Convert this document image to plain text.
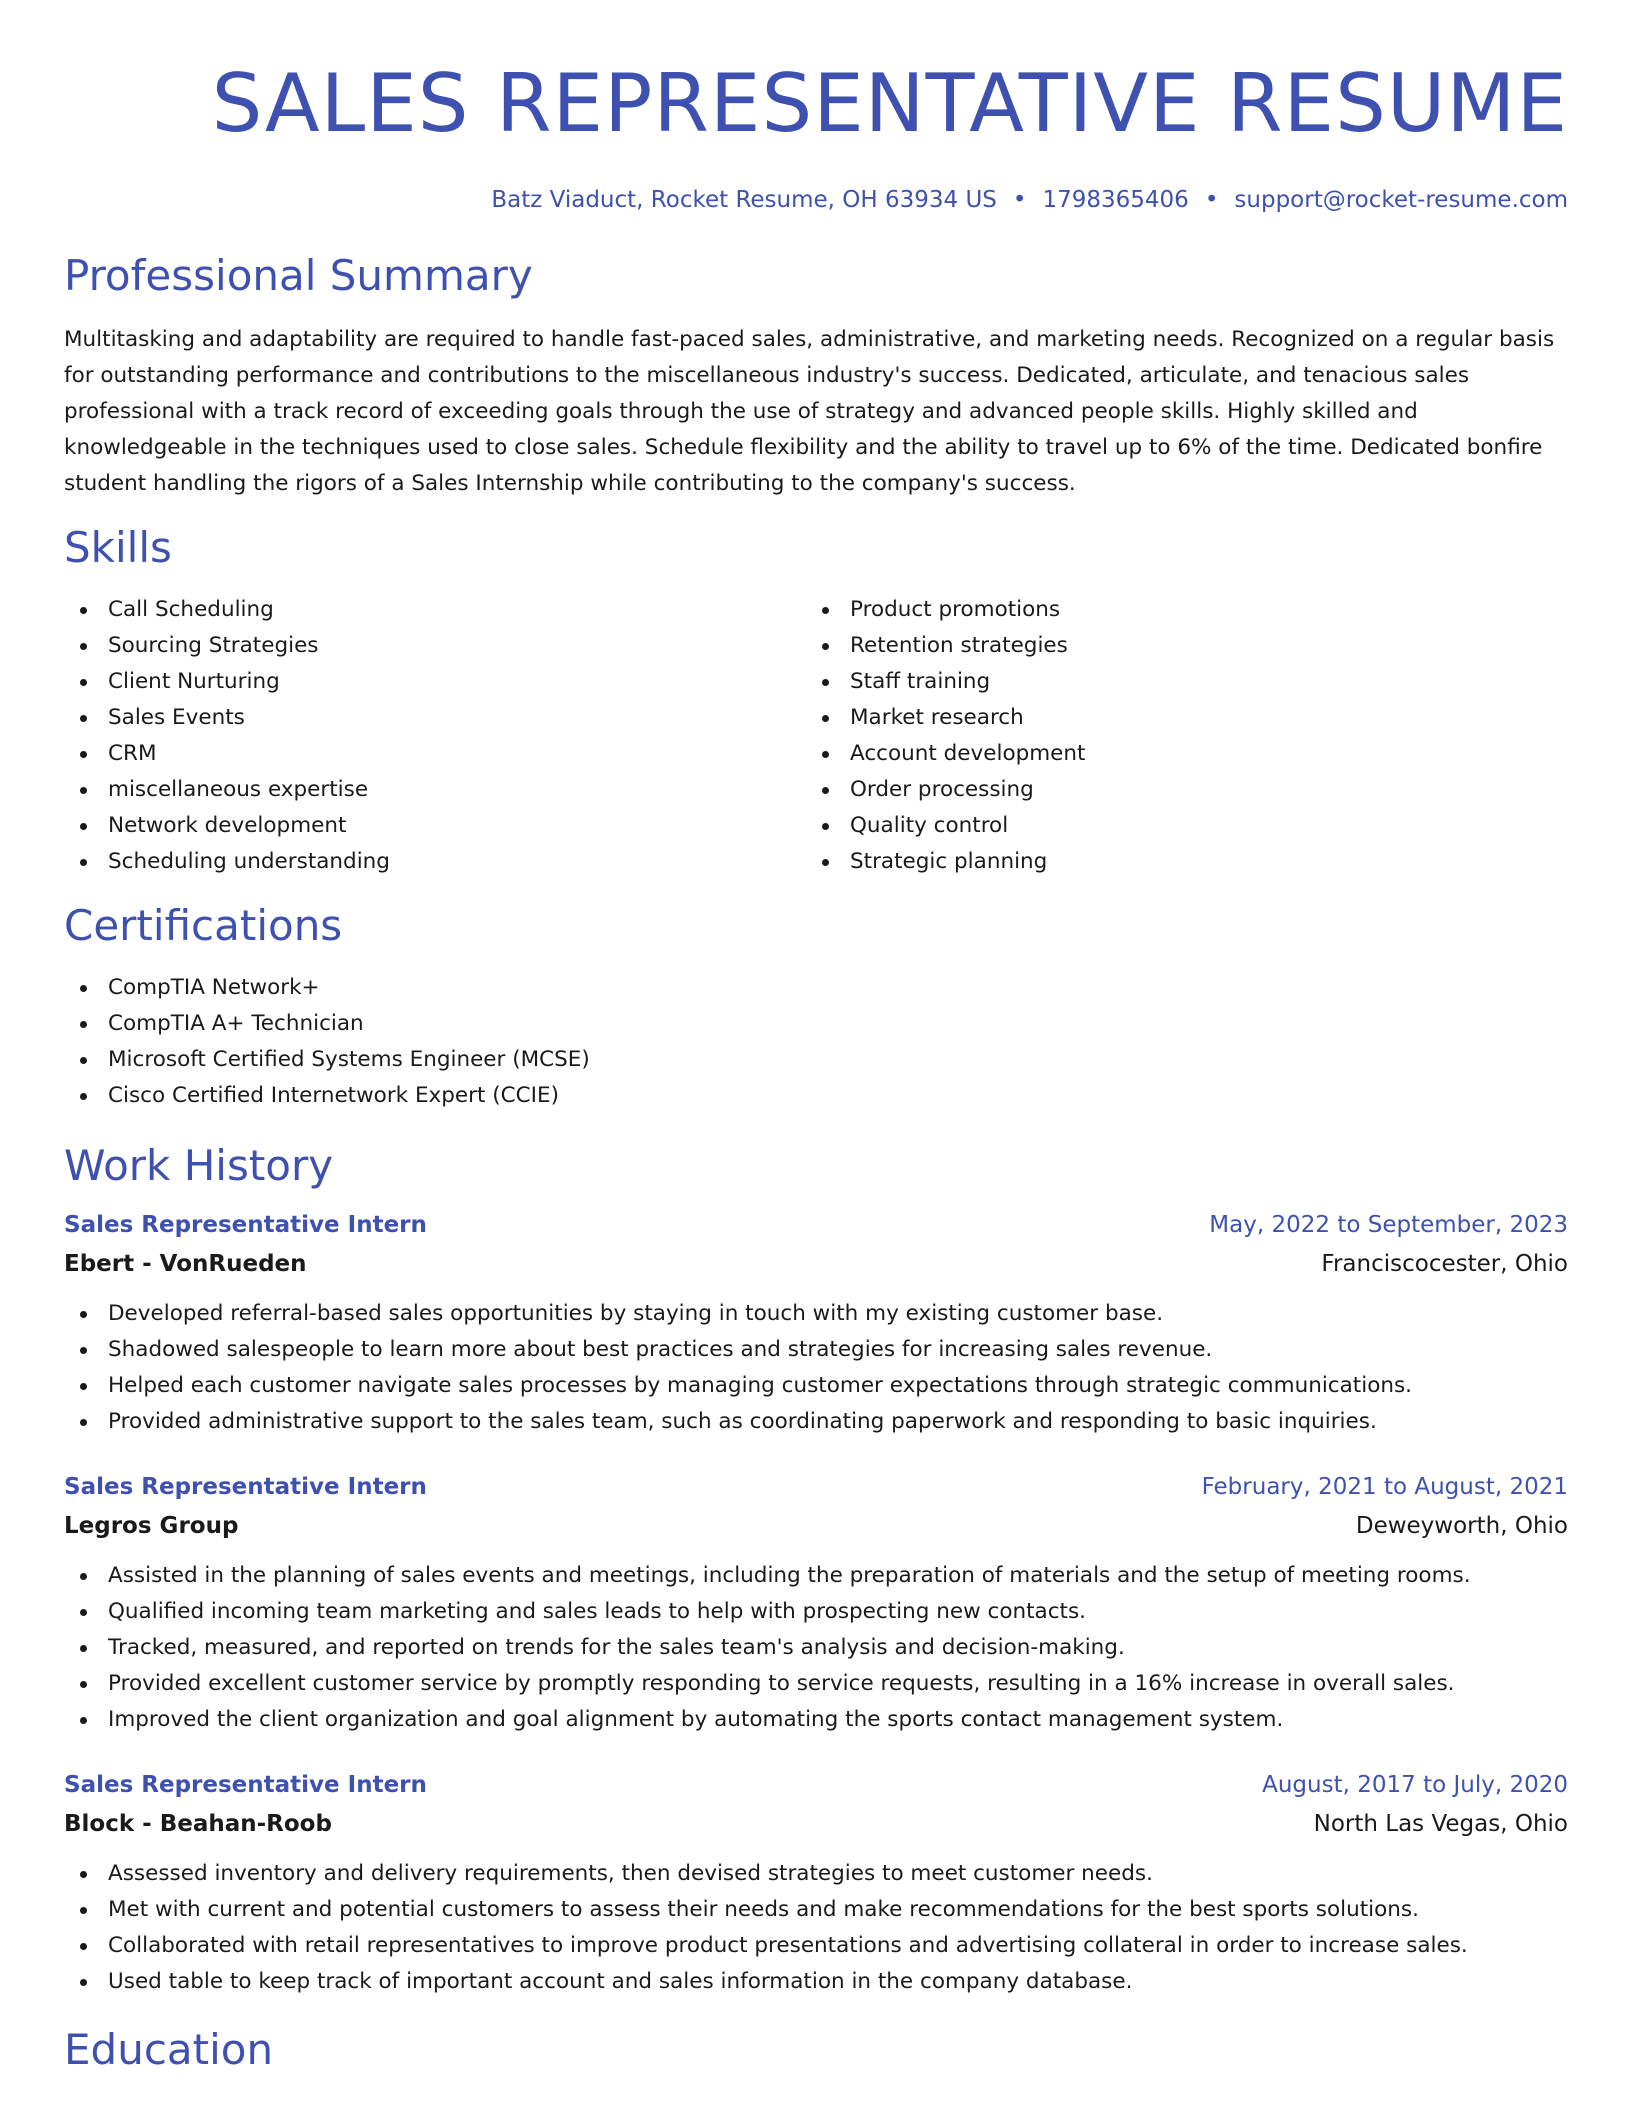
SALES REPRESENTATIVE RESUME
Batz Viaduct, Rocket Resume, OH 63934 US • 1798365406 • support@rocket-resume.com
Professional Summary

Multitasking and adaptability are required to handle fast-paced sales, administrative, and marketing needs. Recognized on a regular basis for outstanding performance and contributions to the miscellaneous industry's success. Dedicated, articulate, and tenacious sales professional with a track record of exceeding goals through the use of strategy and advanced people skills. Highly skilled and knowledgeable in the techniques used to close sales. Schedule flexibility and the ability to travel up to 6% of the time. Dedicated bonfire student handling the rigors of a Sales Internship while contributing to the company's success.

Skills
Call Scheduling
Sourcing Strategies
Client Nurturing
Sales Events
CRM
miscellaneous expertise
Network development
Scheduling understanding
Product promotions
Retention strategies
Staff training
Market research
Account development
Order processing
Quality control
Strategic planning
Certifications
CompTIA Network+
CompTIA A+ Technician
Microsoft Certified Systems Engineer (MCSE)
Cisco Certified Internetwork Expert (CCIE)
Work History
Sales Representative Intern	May, 2022 to September, 2023
Ebert - VonRueden	Franciscocester, Ohio
Developed referral-based sales opportunities by staying in touch with my existing customer base.
Shadowed salespeople to learn more about best practices and strategies for increasing sales revenue.
Helped each customer navigate sales processes by managing customer expectations through strategic communications.
Provided administrative support to the sales team, such as coordinating paperwork and responding to basic inquiries.
Sales Representative Intern	February, 2021 to August, 2021
Legros Group	Deweyworth, Ohio
Assisted in the planning of sales events and meetings, including the preparation of materials and the setup of meeting rooms.
Qualified incoming team marketing and sales leads to help with prospecting new contacts.
Tracked, measured, and reported on trends for the sales team's analysis and decision-making.
Provided excellent customer service by promptly responding to service requests, resulting in a 16% increase in overall sales.
Improved the client organization and goal alignment by automating the sports contact management system.
Sales Representative Intern	August, 2017 to July, 2020
Block - Beahan-Roob	North Las Vegas, Ohio
Assessed inventory and delivery requirements, then devised strategies to meet customer needs.
Met with current and potential customers to assess their needs and make recommendations for the best sports solutions.
Collaborated with retail representatives to improve product presentations and advertising collateral in order to increase sales.
Used table to keep track of important account and sales information in the company database.
Education
